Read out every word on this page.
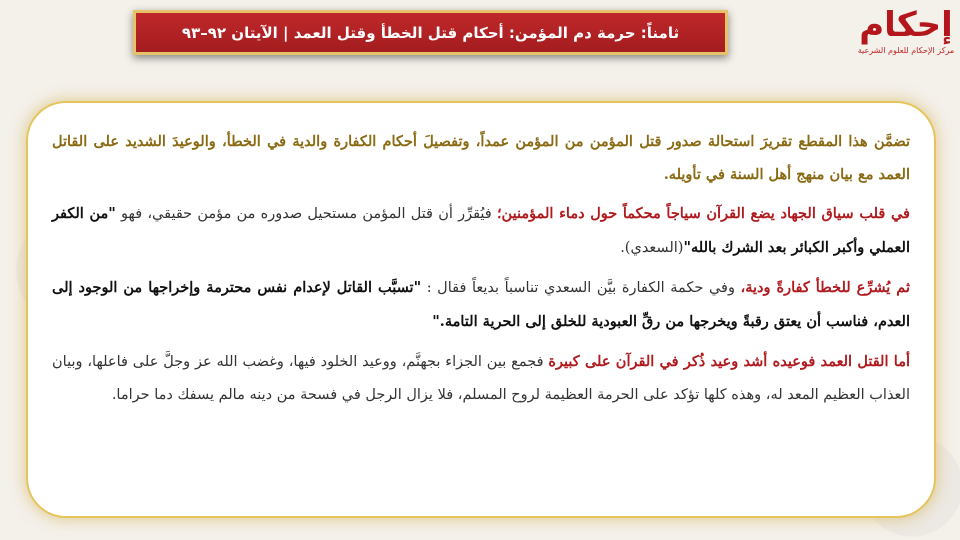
ثامناً: حرمة دم المؤمن: أحكام قتل الخطأ وقتل العمد | الآيتان ٩٢–٩٣	إحكام
مركز الإحكام للعلوم الشرعية

تضمَّن هذا المقطع تقريرَ استحالة صدور قتل المؤمن من المؤمن عمداً، وتفصيلَ أحكام الكفارة والدية في الخطأ، والوعيدَ الشديد على القاتل العمد مع بيان منهج أهل السنة في تأويله.

في قلب سياق الجهاد يضع القرآن سياجاً محكماً حول دماء المؤمنين؛ فيُقرِّر أن قتل المؤمن مستحيل صدوره من مؤمن حقيقي، فهو "من الكفر العملي وأكبر الكبائر بعد الشرك بالله"(السعدي).

ثم يُشرِّع للخطأ كفارةً ودية، وفي حكمة الكفارة بيَّن السعدي تناسباً بديعاً فقال : "تسبَّب القاتل لإعدام نفس محترمة وإخراجها من الوجود إلى العدم، فناسب أن يعتق رقبةً ويخرجها من رقِّ العبودية للخلق إلى الحرية التامة."

أما القتل العمد فوعيده أشد وعيد ذُكر في القرآن على كبيرة فجمع بين الجزاء بجهنَّم، ووعيد الخلود فيها، وغضب الله عز وجلَّ على فاعلها، وبيان العذاب العظيم المعد له، وهذه كلها تؤكد على الحرمة العظيمة لروح المسلم، فلا يزال الرجل في فسحة من دينه مالم يسفك دما حراما.
